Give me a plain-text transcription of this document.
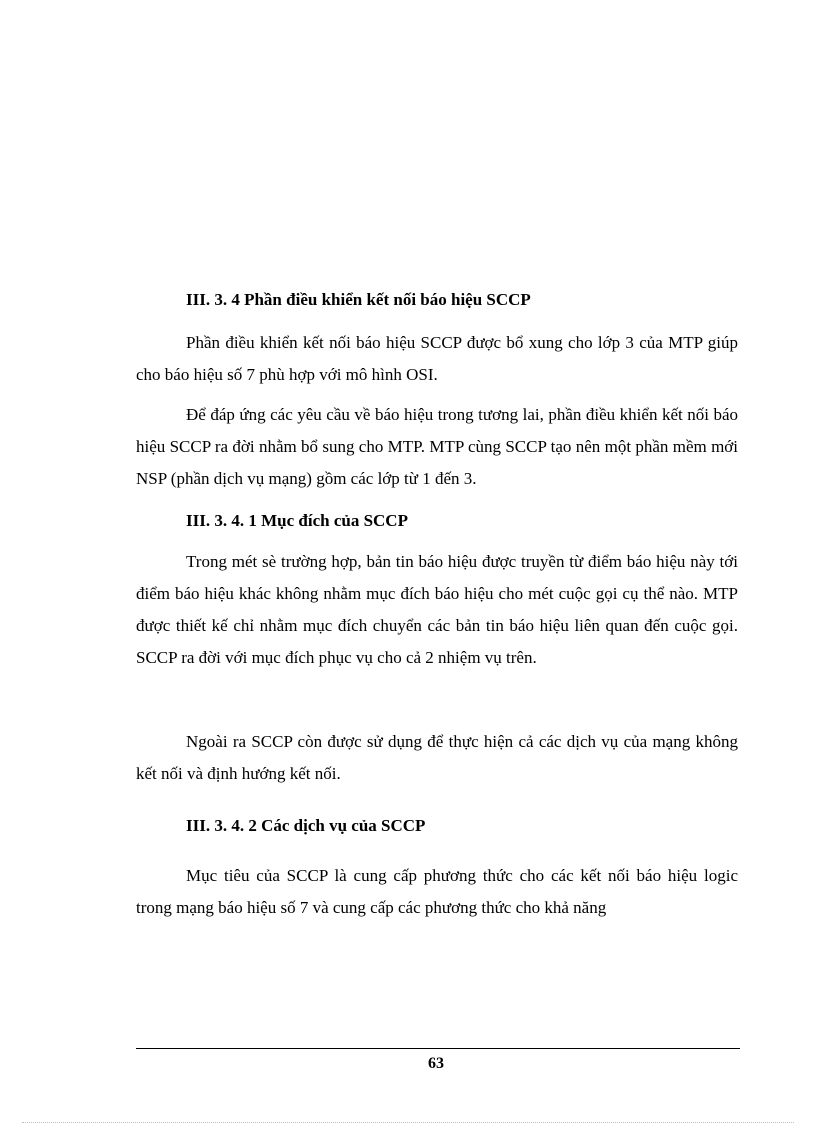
III. 3. 4 Phần điều khiển kết nối báo hiệu SCCP

Phần điều khiển kết nối báo hiệu SCCP được bổ xung cho lớp 3 của MTP giúp cho báo hiệu số 7 phù hợp với mô hình OSI.

Để đáp ứng các yêu cầu về báo hiệu trong tương lai, phần điều khiển kết nối báo hiệu SCCP ra đời nhằm bổ sung cho MTP. MTP cùng SCCP tạo nên một phần mềm mới NSP (phần dịch vụ mạng) gồm các lớp từ 1 đến 3.

III. 3. 4. 1 Mục đích của SCCP

Trong mét sè trường hợp, bản tin báo hiệu được truyền từ điểm báo hiệu này tới điểm báo hiệu khác không nhằm mục đích báo hiệu cho mét cuộc gọi cụ thể nào. MTP được thiết kế chỉ nhằm mục đích chuyển các bản tin báo hiệu liên quan đến cuộc gọi. SCCP ra đời với mục đích phục vụ cho cả 2 nhiệm vụ trên.

Ngoài ra SCCP còn được sử dụng để thực hiện cả các dịch vụ của mạng không kết nối và định hướng kết nối.

III. 3. 4. 2 Các dịch vụ của SCCP

Mục tiêu của SCCP là cung cấp phương thức cho các kết nối báo hiệu logic trong mạng báo hiệu số 7 và cung cấp các phương thức cho khả năng

63
